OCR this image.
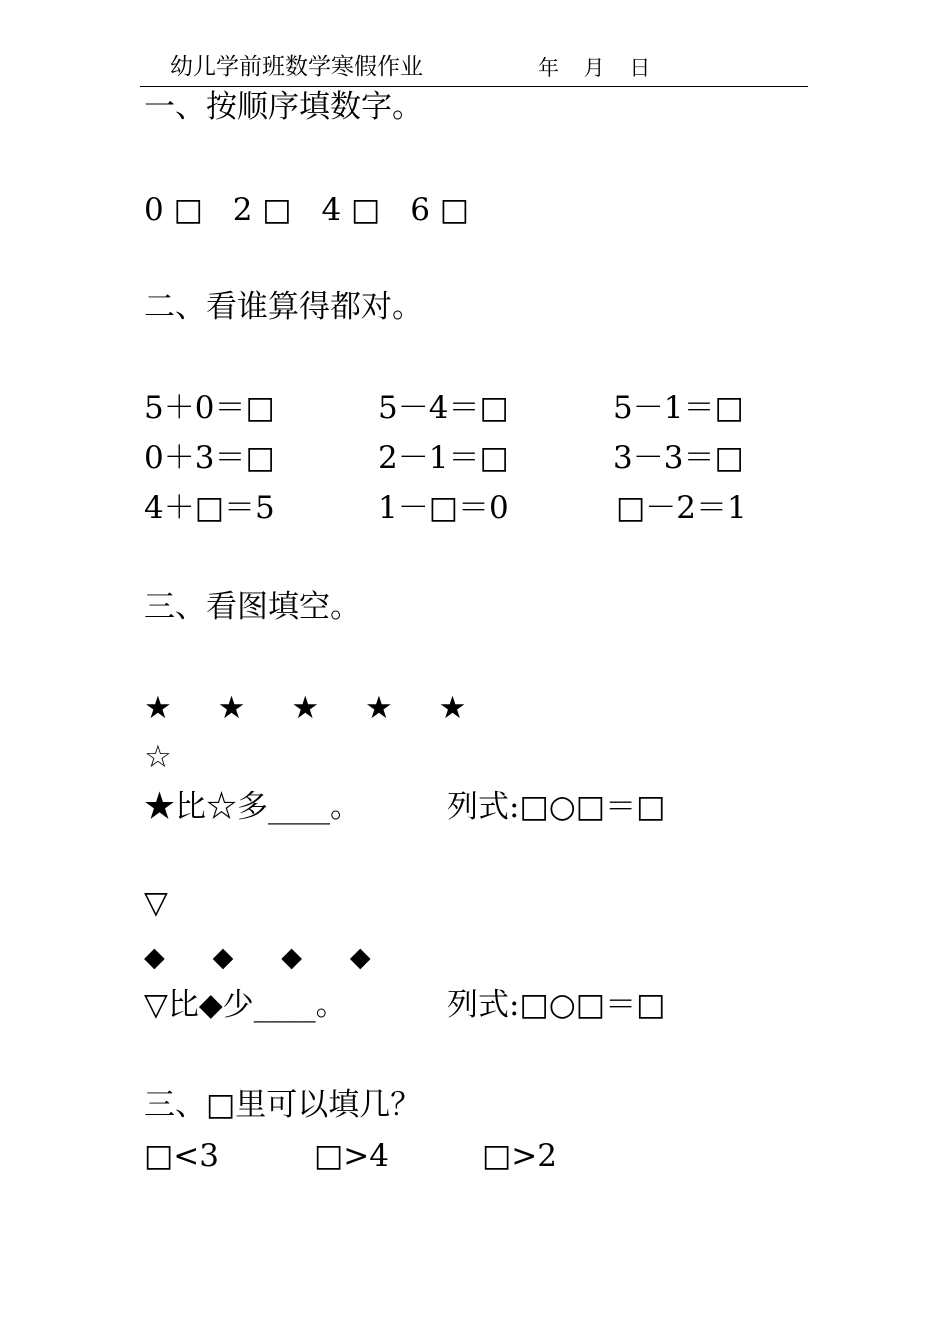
幼儿学前班数学寒假作业	年 月 日
一、按顺序填数字。
0 □ 2 □ 4 □ 6 □
二、看谁算得都对。
5＋0＝□	5－4＝□	5－1＝□
0＋3＝□	2－1＝□	3－3＝□
4＋□＝5	1－□＝0	□－2＝1
三、看图填空。
★ ★ ★ ★ ★
☆
★比☆多____。	列式:□○□＝□
▽
◆ ◆ ◆ ◆
▽比◆少____。	列式:□○□＝□
三、□里可以填几？
□<3	□>4	□>2
